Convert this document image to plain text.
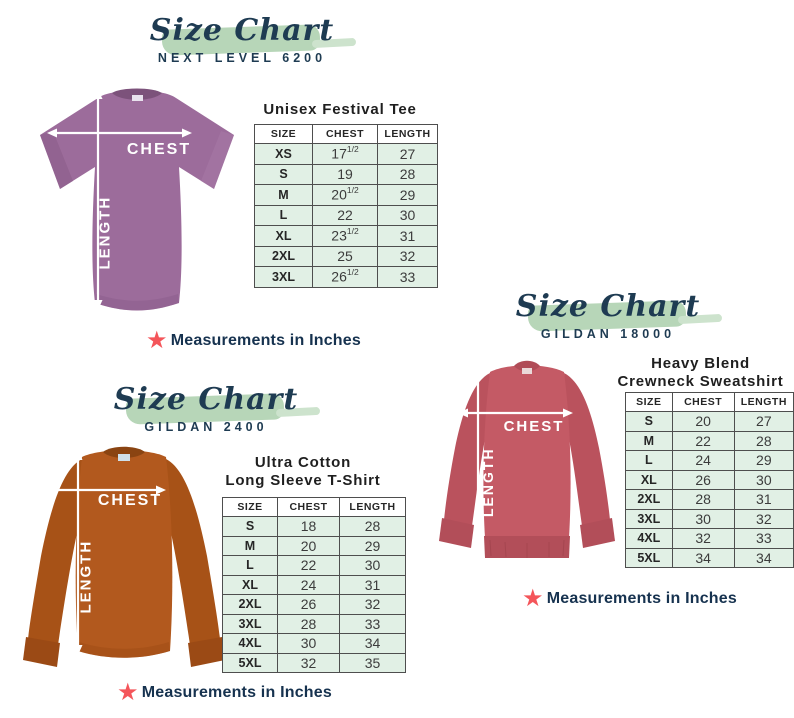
Size Chart
NEXT LEVEL 6200
CHEST
LENGTH
Unisex Festival Tee
SIZE	CHEST	LENGTH
XS	$17^{1/2}$	27
S	19	28
M	$20^{1/2}$	29
L	22	30
XL	$23^{1/2}$	31
2XL	25	32
3XL	$26^{1/2}$	33
★ Measurements in Inches
Size Chart
GILDAN 2400
CHEST
LENGTH
Ultra Cotton
Long Sleeve T-Shirt
SIZE	CHEST	LENGTH
S	18	28
M	20	29
L	22	30
XL	24	31
2XL	26	32
3XL	28	33
4XL	30	34
5XL	32	35
★ Measurements in Inches
Size Chart
GILDAN 18000
CHEST
LENGTH
Heavy Blend
Crewneck Sweatshirt
SIZE	CHEST	LENGTH
S	20	27
M	22	28
L	24	29
XL	26	30
2XL	28	31
3XL	30	32
4XL	32	33
5XL	34	34
★ Measurements in Inches
